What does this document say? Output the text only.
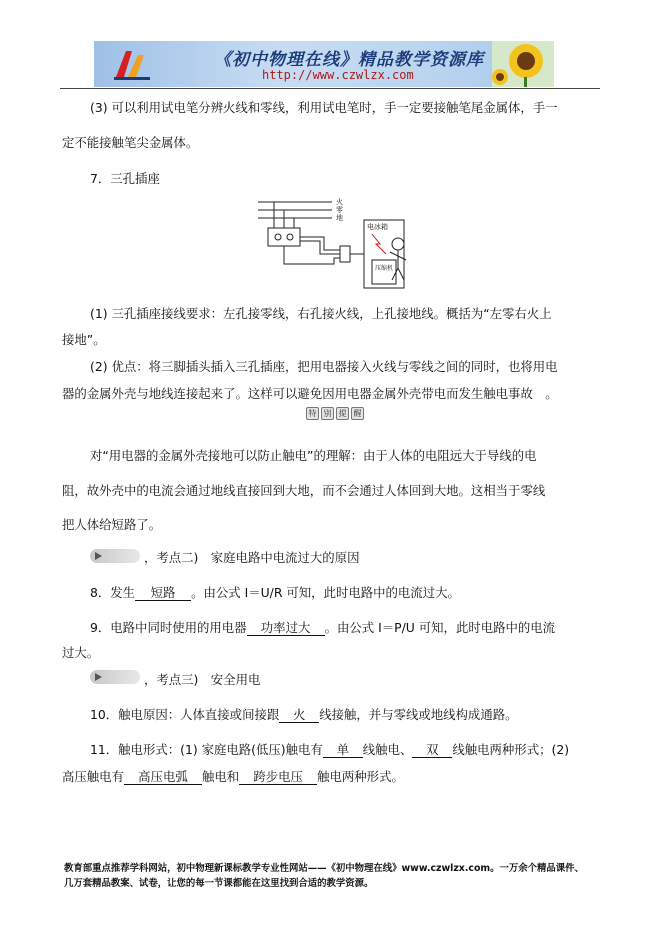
《初中物理在线》精品教学资源库
http://www.czwlzx.com
(3) 可以利用试电笔分辨火线和零线，利用试电笔时，手一定要接触笔尾金属体，手一
定不能接触笔尖金属体。
7．三孔插座
火
零
地
电冰箱
压缩机
(1) 三孔插座接线要求：左孔接零线，右孔接火线，上孔接地线。概括为“左零右火上
接地”。
(2) 优点：将三脚插头插入三孔插座，把用电器接入火线与零线之间的同时，也将用电
器的金属外壳与地线连接起来了。这样可以避免因用电器金属外壳带电而发生触电事故　。
特 别 提 醒
对“用电器的金属外壳接地可以防止触电”的理解：由于人体的电阻远大于导线的电
阻，故外壳中的电流会通过地线直接回到大地，而不会通过人体回到大地。这相当于零线
把人体给短路了。
，考点二)　家庭电路中电流过大的原因
8．发生 短路 。由公式 I＝U/R 可知，此时电路中的电流过大。
9．电路中同时使用的用电器 功率过大 。由公式 I＝P/U 可知，此时电路中的电流
过大。
，考点三)　安全用电
10．触电原因：人体直接或间接跟 火 线接触，并与零线或地线构成通路。
11．触电形式：(1) 家庭电路(低压)触电有 单 线触电、 双 线触电两种形式；(2)
高压触电有 高压电弧 触电和 跨步电压 触电两种形式。
教育部重点推荐学科网站，初中物理新课标教学专业性网站——《初中物理在线》www.czwlzx.com。一万余个精品课件、
几万套精品教案、试卷，让您的每一节课都能在这里找到合适的教学资源。
